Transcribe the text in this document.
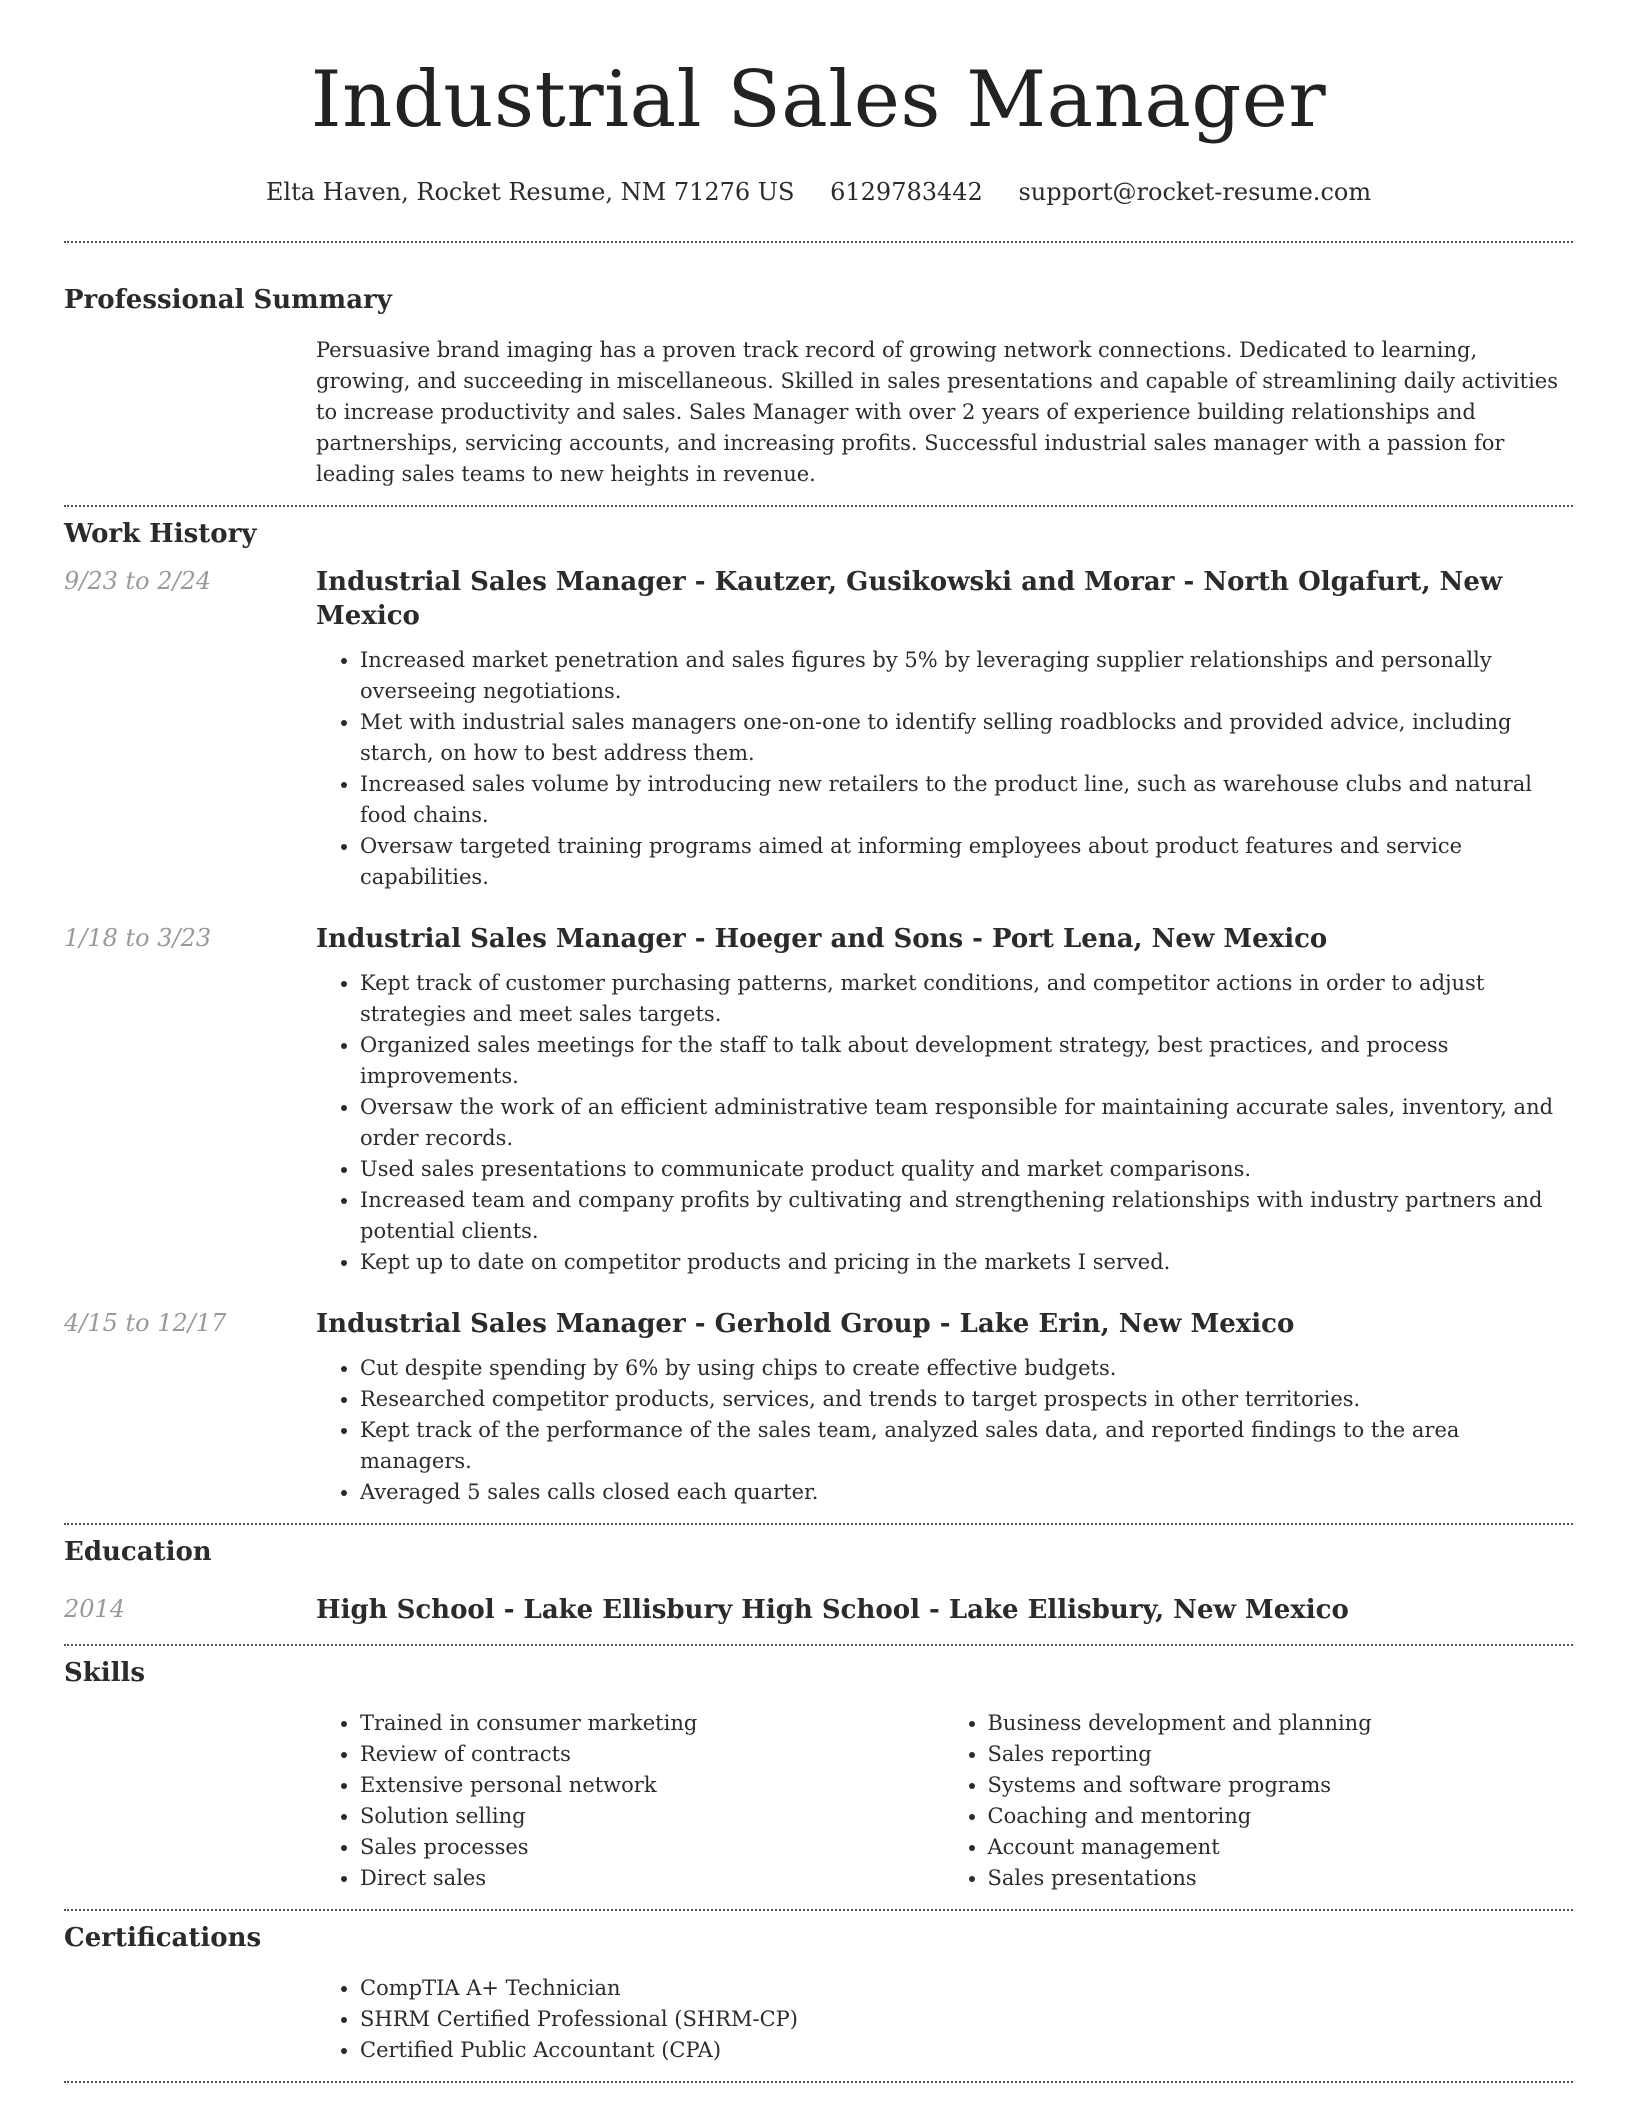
Industrial Sales Manager
Elta Haven, Rocket Resume, NM 71276 US 6129783442 support@rocket-resume.com
Professional Summary

Persuasive brand imaging has a proven track record of growing network connections. Dedicated to learning, growing, and succeeding in miscellaneous. Skilled in sales presentations and capable of streamlining daily activities to increase productivity and sales. Sales Manager with over 2 years of experience building relationships and partnerships, servicing accounts, and increasing profits. Successful industrial sales manager with a passion for leading sales teams to new heights in revenue.

Work History
9/23 to 2/24	Industrial Sales Manager - Kautzer, Gusikowski and Morar - North Olgafurt, New Mexico
• Increased market penetration and sales figures by 5% by leveraging supplier relationships and personally overseeing negotiations.
• Met with industrial sales managers one-on-one to identify selling roadblocks and provided advice, including starch, on how to best address them.
• Increased sales volume by introducing new retailers to the product line, such as warehouse clubs and natural food chains.
• Oversaw targeted training programs aimed at informing employees about product features and service capabilities.
1/18 to 3/23	Industrial Sales Manager - Hoeger and Sons - Port Lena, New Mexico
• Kept track of customer purchasing patterns, market conditions, and competitor actions in order to adjust strategies and meet sales targets.
• Organized sales meetings for the staff to talk about development strategy, best practices, and process improvements.
• Oversaw the work of an efficient administrative team responsible for maintaining accurate sales, inventory, and order records.
• Used sales presentations to communicate product quality and market comparisons.
• Increased team and company profits by cultivating and strengthening relationships with industry partners and potential clients.
• Kept up to date on competitor products and pricing in the markets I served.
4/15 to 12/17	Industrial Sales Manager - Gerhold Group - Lake Erin, New Mexico
• Cut despite spending by 6% by using chips to create effective budgets.
• Researched competitor products, services, and trends to target prospects in other territories.
• Kept track of the performance of the sales team, analyzed sales data, and reported findings to the area managers.
• Averaged 5 sales calls closed each quarter.
Education
2014	High School - Lake Ellisbury High School - Lake Ellisbury, New Mexico
Skills
• Trained in consumer marketing
• Review of contracts
• Extensive personal network
• Solution selling
• Sales processes
• Direct sales
• Business development and planning
• Sales reporting
• Systems and software programs
• Coaching and mentoring
• Account management
• Sales presentations
Certifications
• CompTIA A+ Technician
• SHRM Certified Professional (SHRM-CP)
• Certified Public Accountant (CPA)
